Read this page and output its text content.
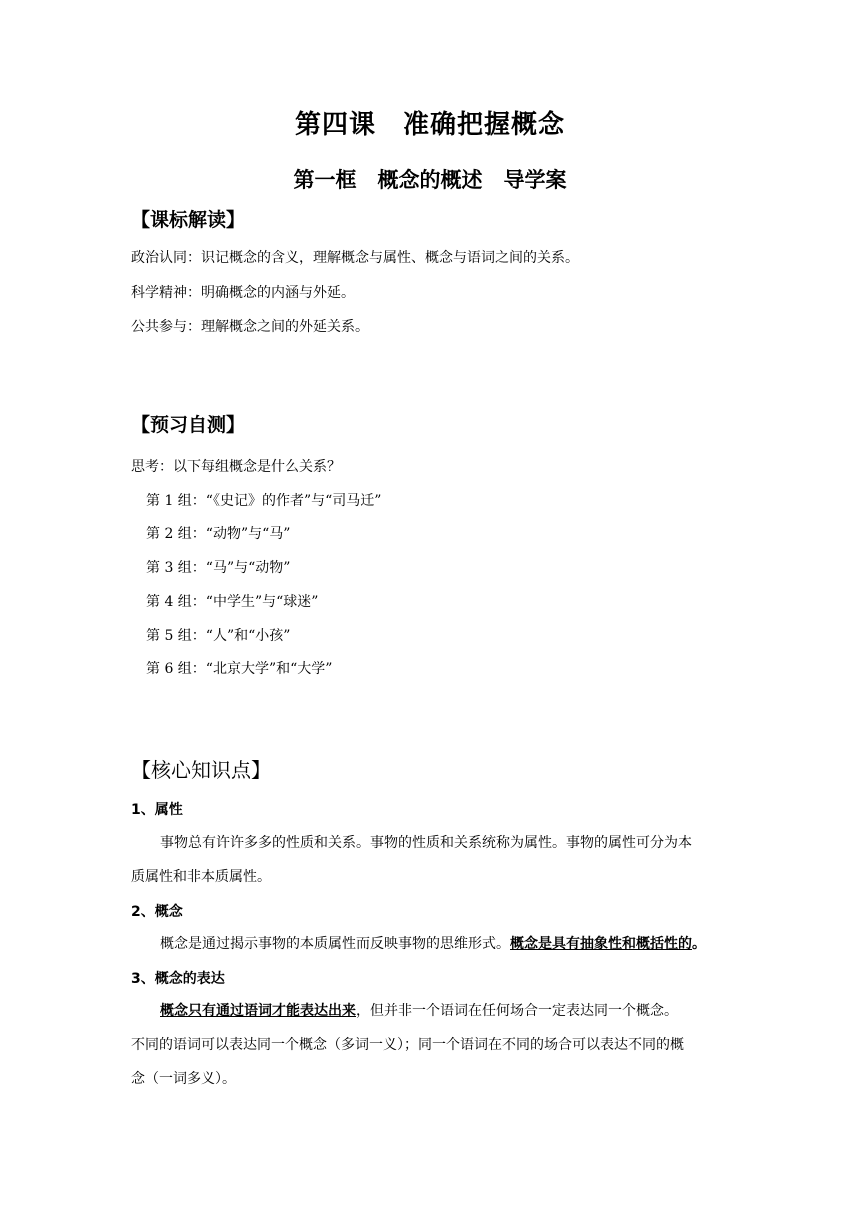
第四课　准确把握概念
第一框　概念的概述　导学案
【课标解读】
政治认同：识记概念的含义，理解概念与属性、概念与语词之间的关系。
科学精神：明确概念的内涵与外延。
公共参与：理解概念之间的外延关系。
【预习自测】
思考：以下每组概念是什么关系？
第 1 组：“《史记》的作者”与“司马迁”
第 2 组：“动物”与“马”
第 3 组：“马”与“动物”
第 4 组：“中学生”与“球迷”
第 5 组：“人”和“小孩”
第 6 组：“北京大学”和“大学”
【核心知识点】
1、属性
事物总有许许多多的性质和关系。事物的性质和关系统称为属性。事物的属性可分为本
质属性和非本质属性。
2、概念
概念是通过揭示事物的本质属性而反映事物的思维形式。概念是具有抽象性和概括性的。
3、概念的表达
概念只有通过语词才能表达出来，但并非一个语词在任何场合一定表达同一个概念。
不同的语词可以表达同一个概念（多词一义）；同一个语词在不同的场合可以表达不同的概
念（一词多义）。
